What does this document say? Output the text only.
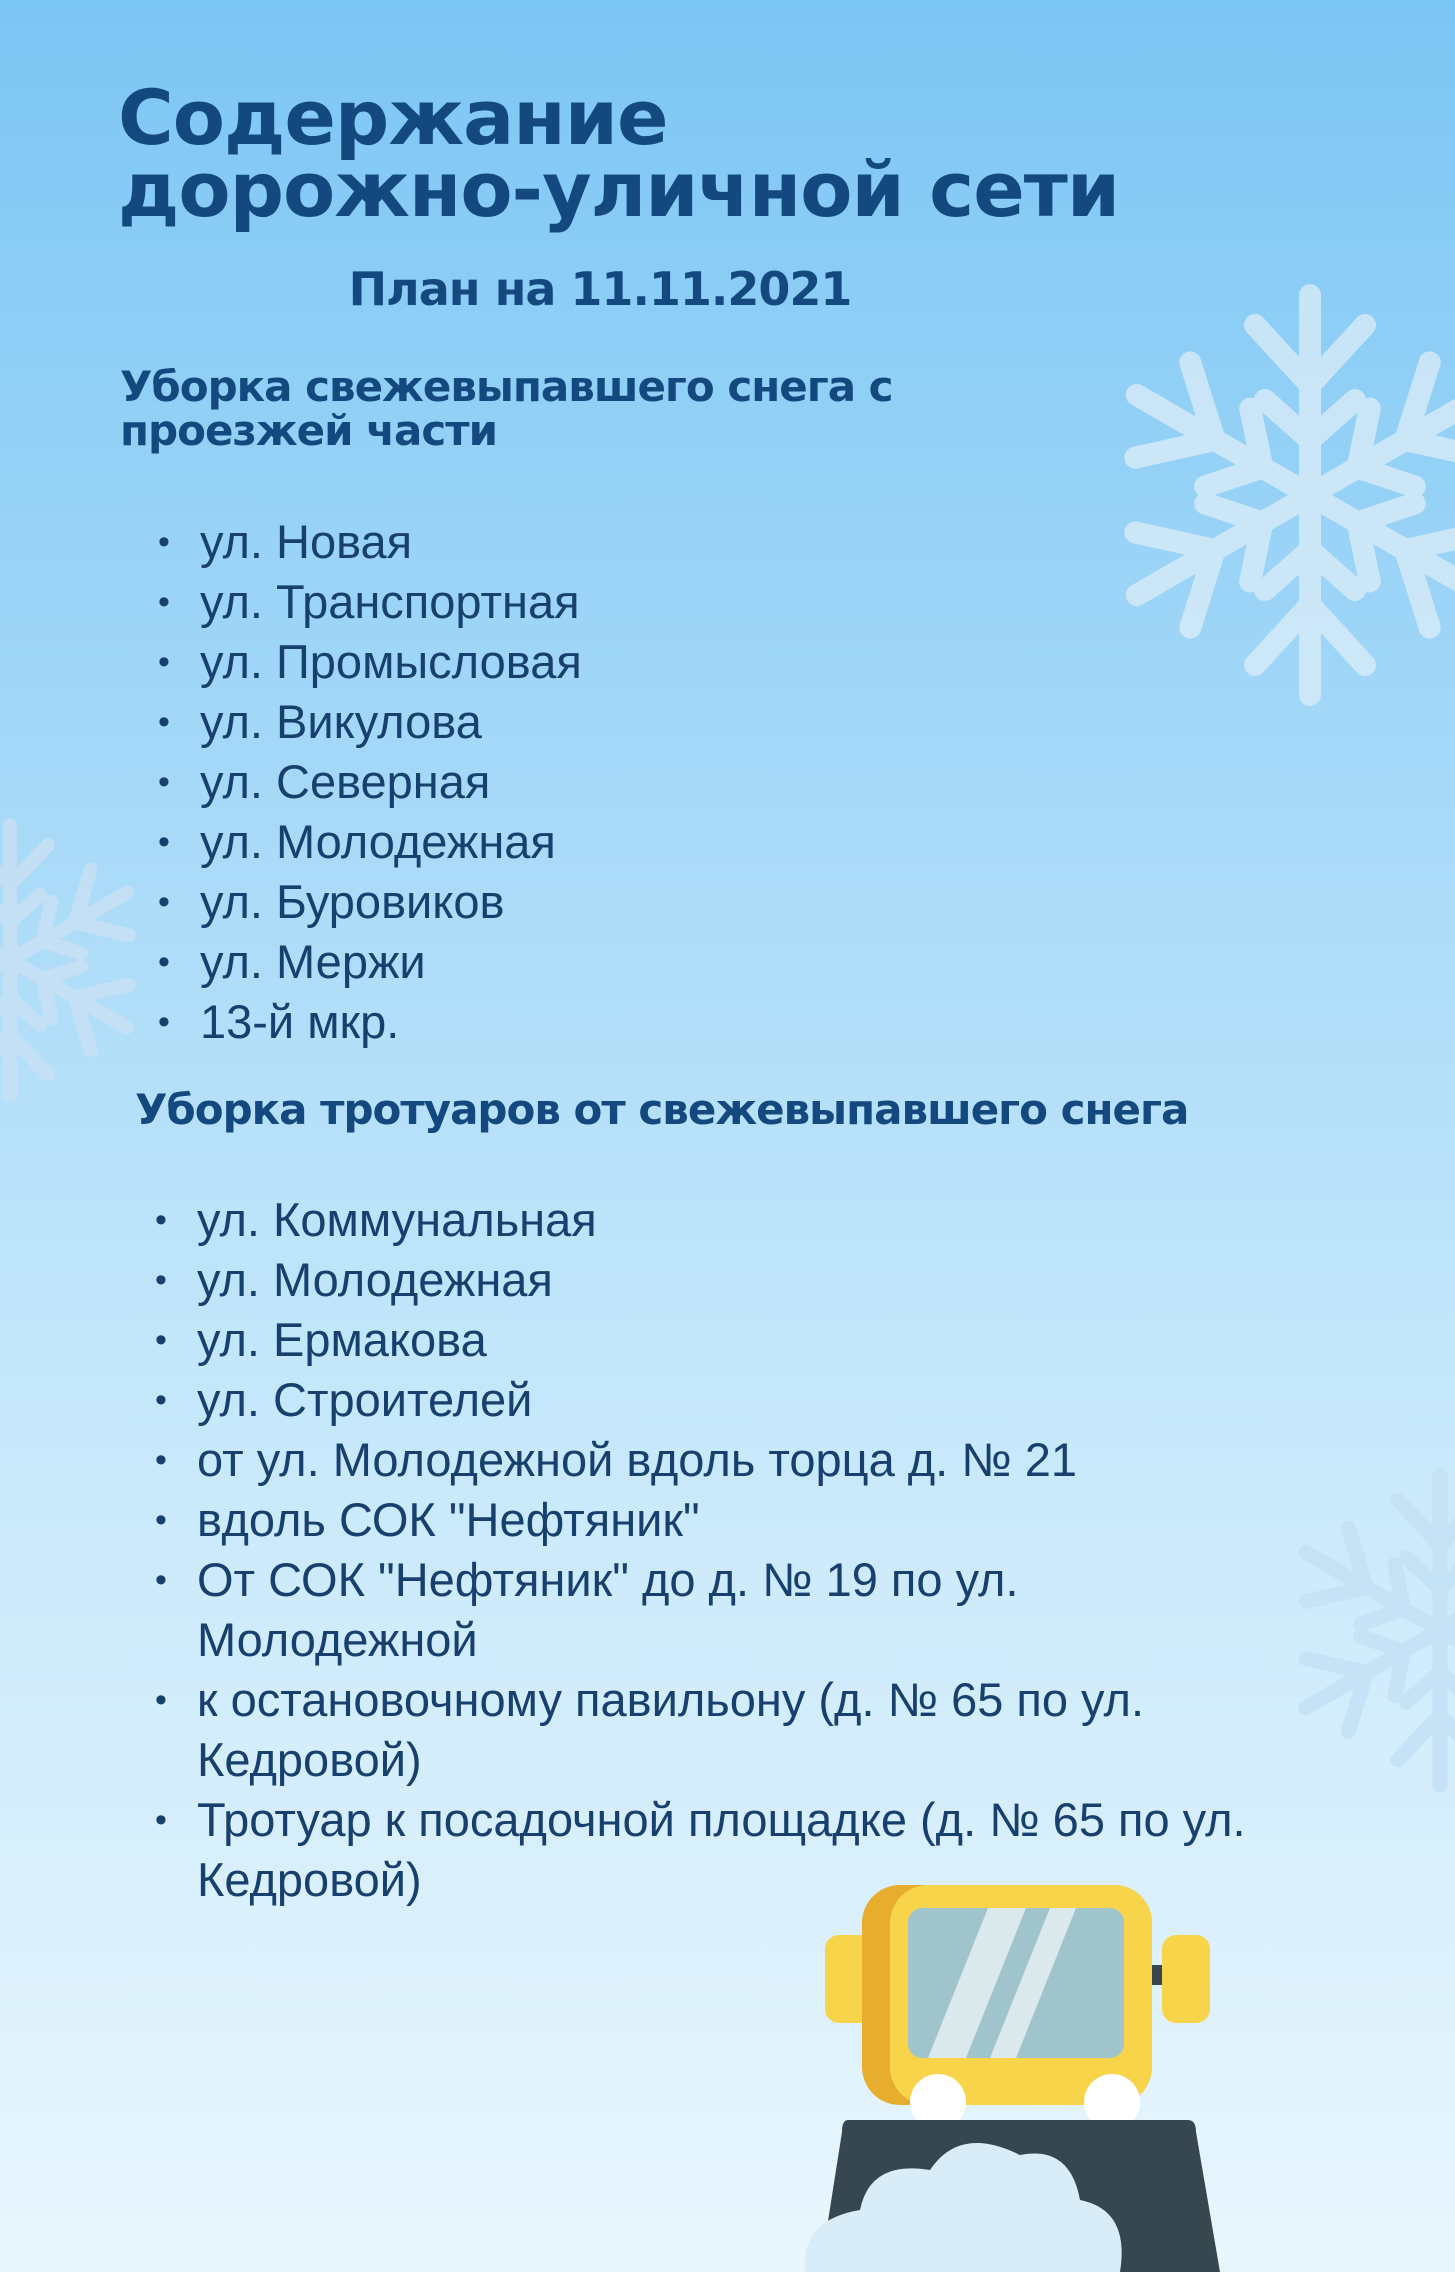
Содержание
дорожно-уличной сети

План на 11.11.2021

Уборка свежевыпавшего снега с проезжей части
• ул. Новая
• ул. Транспортная
• ул. Промысловая
• ул. Викулова
• ул. Северная
• ул. Молодежная
• ул. Буровиков
• ул. Мержи
• 13-й мкр.
Уборка тротуаров от свежевыпавшего снега
• ул. Коммунальная
• ул. Молодежная
• ул. Ермакова
• ул. Строителей
• от ул. Молодежной вдоль торца д. № 21
• вдоль СОК "Нефтяник"
• От СОК "Нефтяник" до д. № 19 по ул. Молодежной
• к остановочному павильону (д. № 65 по ул. Кедровой)
• Тротуар к посадочной площадке (д. № 65 по ул. Кедровой)
